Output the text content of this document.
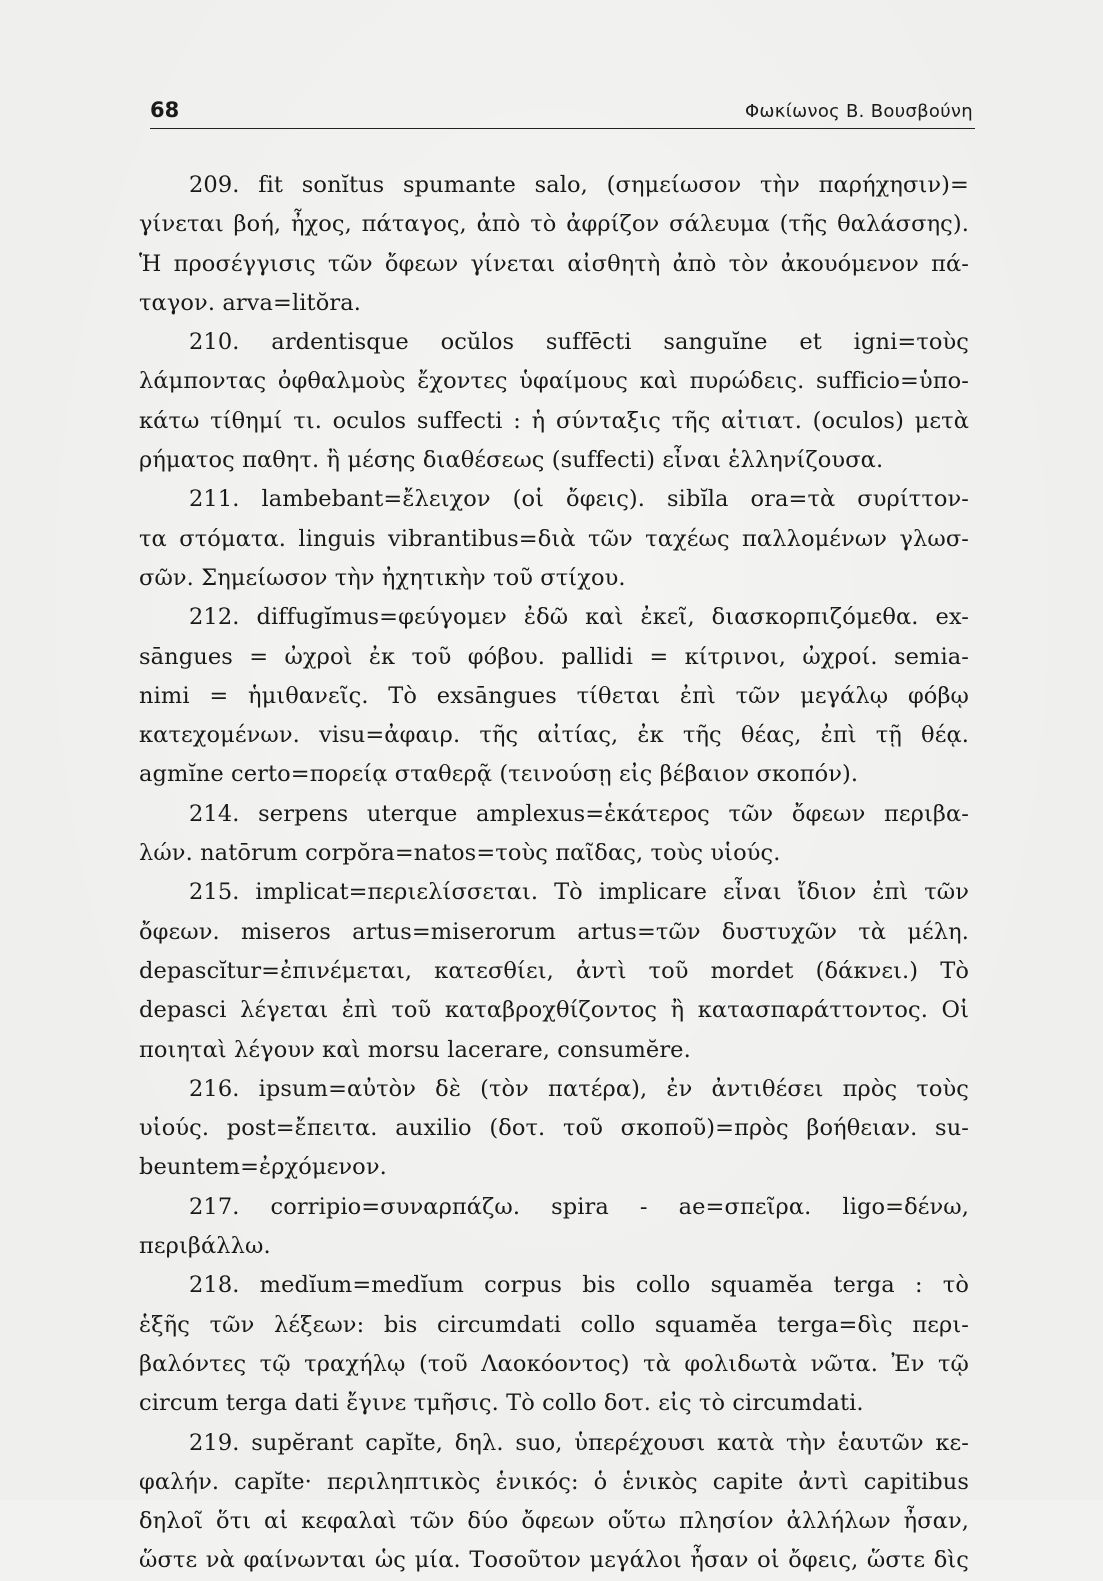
68	Φωκίωνος Β. Βουσβούνη
209. fit sonĭtus spumante salo, (σημείωσον τὴν παρήχησιν)=
γίνεται βοή, ἦχος, πάταγος, ἀπὸ τὸ ἀφρίζον σάλευμα (τῆς θαλάσσης).
Ἡ προσέγγισις τῶν ὄφεων γίνεται αἰσθητὴ ἀπὸ τὸν ἀκουόμενον πά-
ταγον. arva=litŏra.
210. ardentisque ocŭlos suffēcti sanguĭne et igni=τοὺς
λάμποντας ὀφθαλμοὺς ἔχοντες ὑφαίμους καὶ πυρώδεις. sufficio=ὑπο-
κάτω τίθημί τι. oculos suffecti : ἡ σύνταξις τῆς αἰτιατ. (oculos) μετὰ
ρήματος παθητ. ἢ μέσης διαθέσεως (suffecti) εἶναι ἑλληνίζουσα.
211. lambebant=ἔλειχον (οἱ ὄφεις). sibĭla ora=τὰ συρίττον-
τα στόματα. linguis vibrantibus=διὰ τῶν ταχέως παλλομένων γλωσ-
σῶν. Σημείωσον τὴν ἠχητικὴν τοῦ στίχου.
212. diffugĭmus=φεύγομεν ἐδῶ καὶ ἐκεῖ, διασκορπιζόμεθα. ex-
sāngues = ὠχροὶ ἐκ τοῦ φόβου. pallidi = κίτρινοι, ὠχροί. semia-
nimi = ἡμιθανεῖς. Τὸ exsāngues τίθεται ἐπὶ τῶν μεγάλῳ φόβῳ
κατεχομένων. visu=ἀφαιρ. τῆς αἰτίας, ἐκ τῆς θέας, ἐπὶ τῇ θέᾳ.
agmĭne certo=πορείᾳ σταθερᾷ (τεινούσῃ εἰς βέβαιον σκοπόν).
214. serpens uterque amplexus=ἑκάτερος τῶν ὄφεων περιβα-
λών. natōrum corpŏra=natos=τοὺς παῖδας, τοὺς υἱούς.
215. implicat=περιελίσσεται. Τὸ implicare εἶναι ἴδιον ἐπὶ τῶν
ὄφεων. miseros artus=miserorum artus=τῶν δυστυχῶν τὰ μέλη.
depascĭtur=ἐπινέμεται, κατεσθίει, ἀντὶ τοῦ mordet (δάκνει.) Τὸ
depasci λέγεται ἐπὶ τοῦ καταβροχθίζοντος ἢ κατασπαράττοντος. Οἱ
ποιηταὶ λέγουν καὶ morsu lacerare, consumĕre.
216. ipsum=αὐτὸν δὲ (τὸν πατέρα), ἐν ἀντιθέσει πρὸς τοὺς
υἱούς. post=ἔπειτα. auxilio (δοτ. τοῦ σκοποῦ)=πρὸς βοήθειαν. su-
beuntem=ἐρχόμενον.
217. corripio=συναρπάζω. spira - ae=σπεῖρα. ligo=δένω,
περιβάλλω.
218. medĭum=medĭum corpus bis collo squamĕa terga : τὸ
ἑξῆς τῶν λέξεων: bis circumdati collo squamĕa terga=δὶς περι-
βαλόντες τῷ τραχήλῳ (τοῦ Λαοκόοντος) τὰ φολιδωτὰ νῶτα. Ἐν τῷ
circum terga dati ἔγινε τμῆσις. Τὸ collo δοτ. εἰς τὸ circumdati.
219. supĕrant capĭte, δηλ. suo, ὑπερέχουσι κατὰ τὴν ἑαυτῶν κε-
φαλήν. capĭte· περιληπτικὸς ἑνικός: ὁ ἑνικὸς capite ἀντὶ capitibus
δηλοῖ ὅτι αἱ κεφαλαὶ τῶν δύο ὄφεων οὕτω πλησίον ἀλλήλων ἦσαν,
ὥστε νὰ φαίνωνται ὡς μία. Τοσοῦτον μεγάλοι ἦσαν οἱ ὄφεις, ὥστε δὶς
